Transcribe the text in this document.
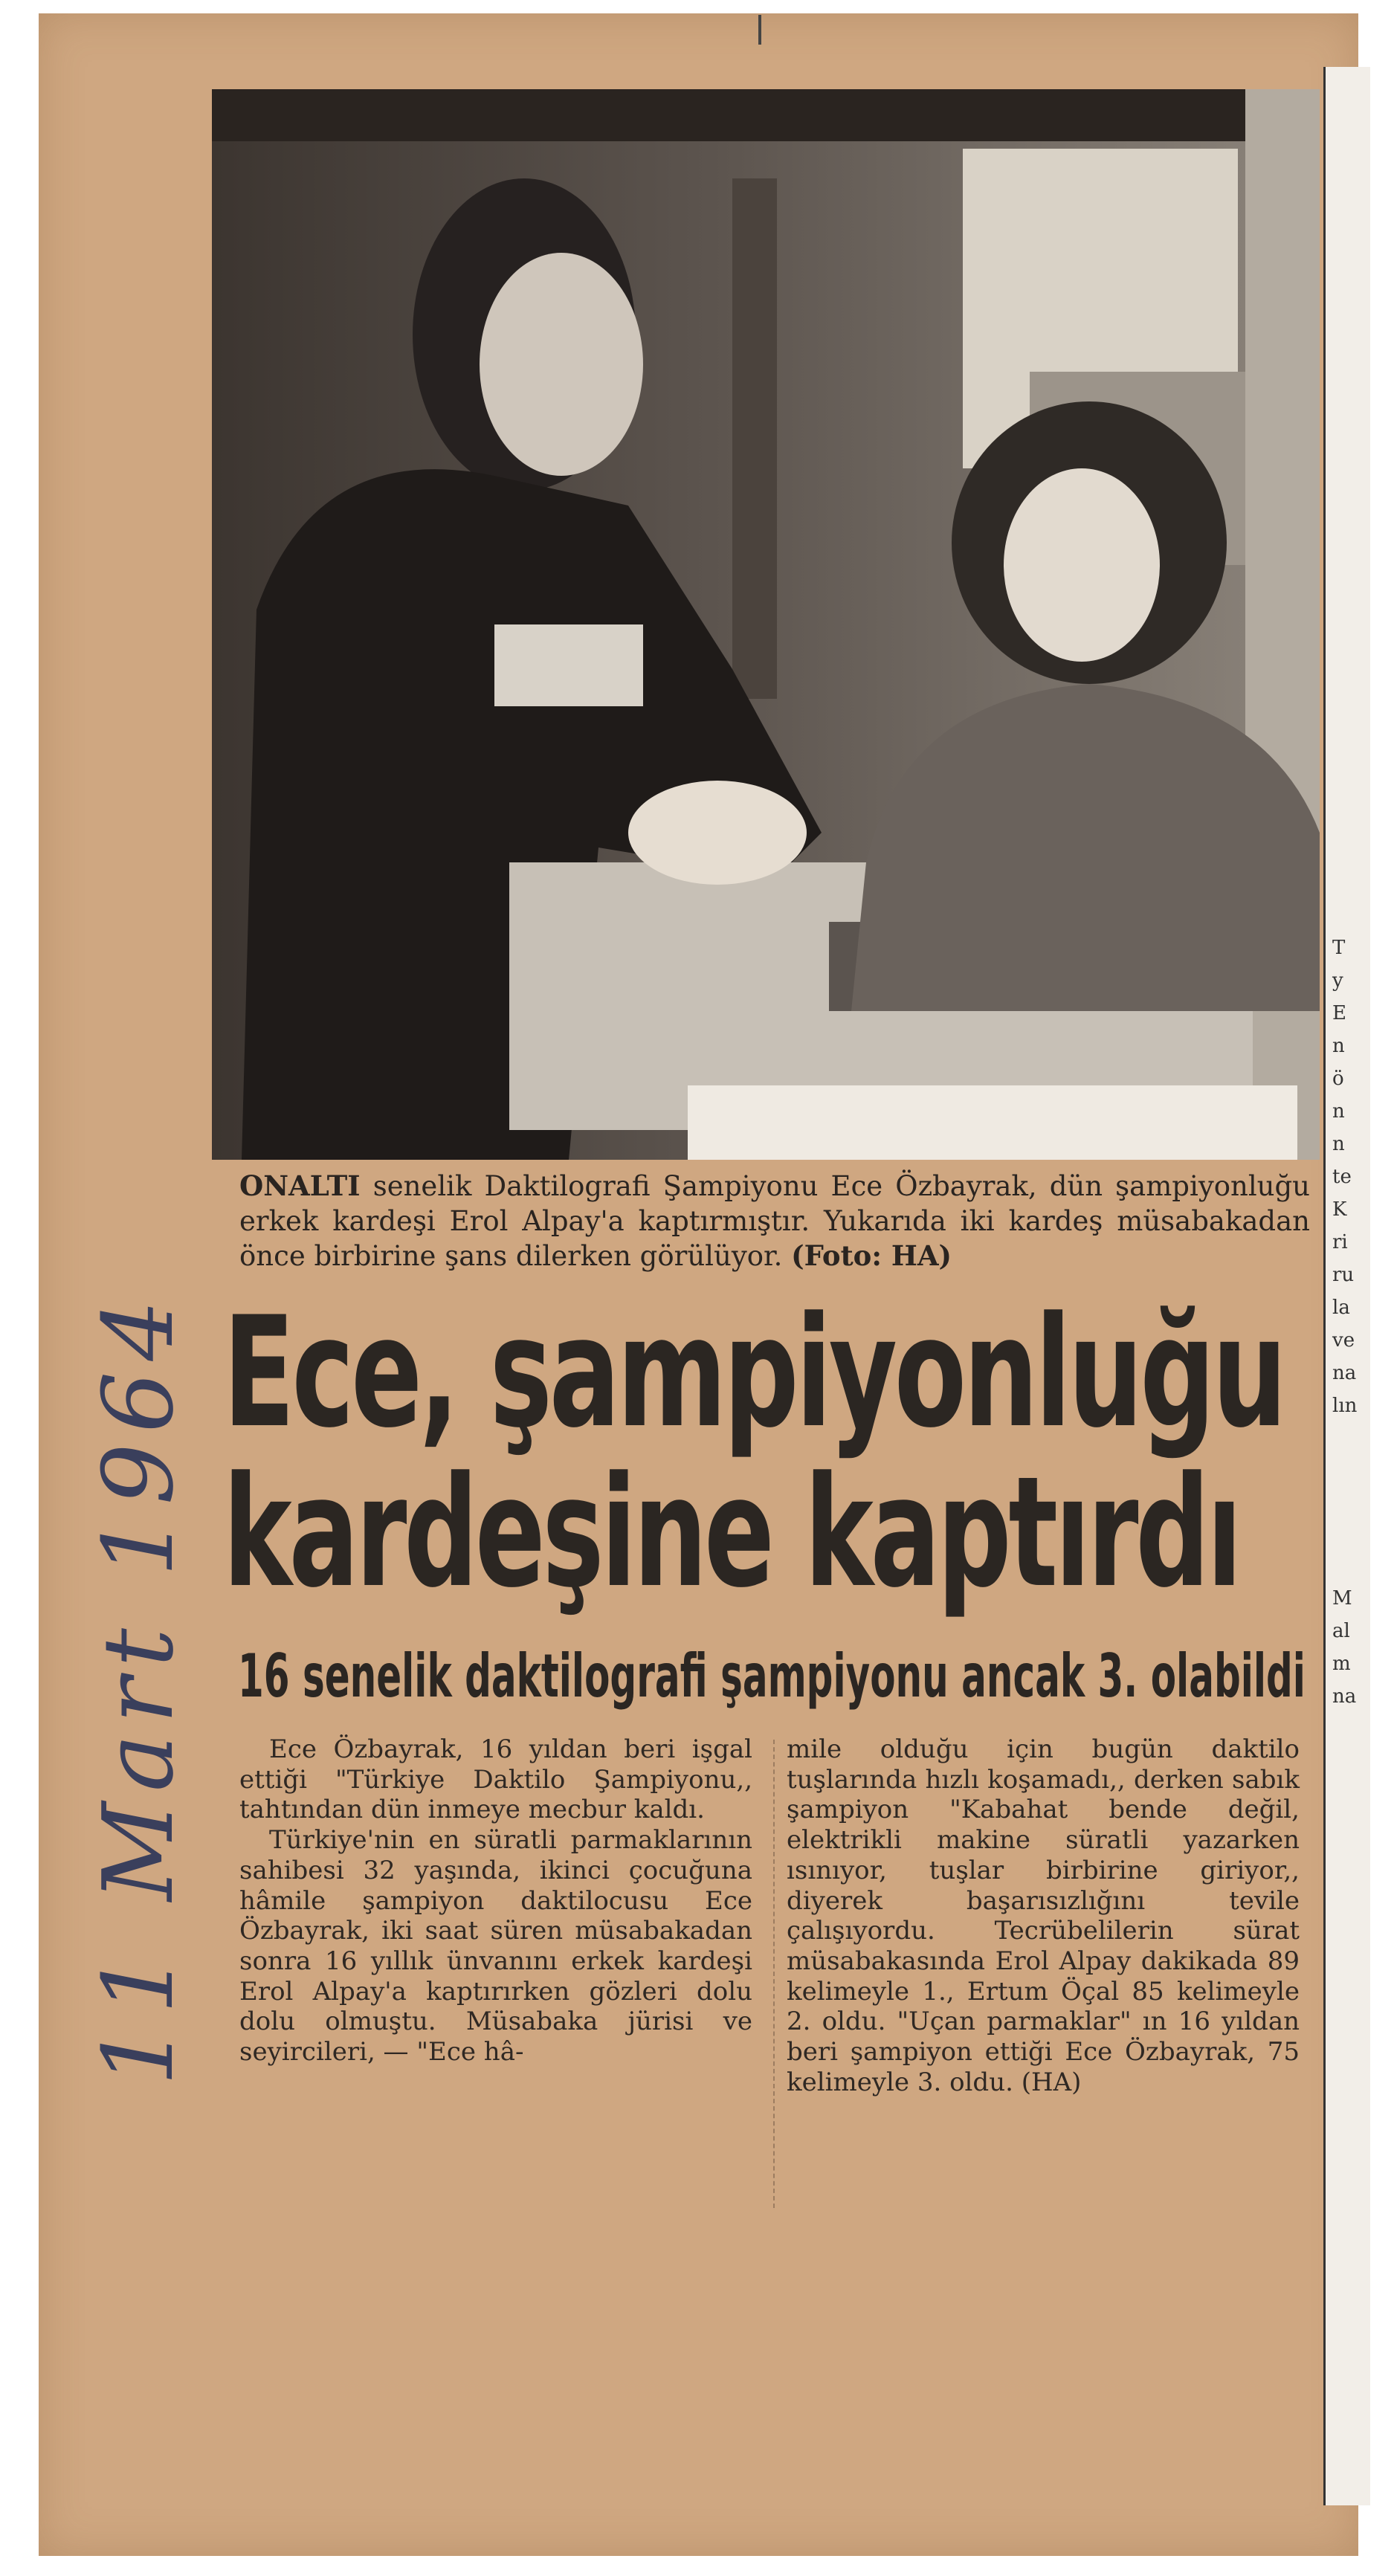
T
y
E
n
ö
n
n
te
K
ri
ru
la
ve
na
lın
M
al
m
na
ONALTI senelik Daktilografi Şampiyonu Ece Özbayrak, dün şampiyonluğu erkek kardeşi Erol Alpay'a kaptırmıştır. Yukarıda iki kardeş müsabakadan önce birbirine şans dilerken görülüyor. (Foto: HA)
Ece, şampiyonluğu
kardeşine kaptırdı
16 senelik daktilografi şampiyonu ancak 3. olabildi

Ece Özbayrak, 16 yıldan beri işgal ettiği "Türkiye Daktilo Şampiyonu,, tahtından dün inmeye mecbur kaldı.

Türkiye'nin en süratli parmaklarının sahibesi 32 yaşında, ikinci çocuğuna hâmile şampiyon daktilocusu Ece Özbayrak, iki saat süren müsabakadan sonra 16 yıllık ünvanını erkek kardeşi Erol Alpay'a kaptırırken gözleri dolu dolu olmuştu. Müsabaka jürisi ve seyircileri, — "Ece hâ-

mile olduğu için bugün daktilo tuşlarında hızlı koşamadı,, derken sabık şampiyon "Kabahat bende değil, elektrikli makine süratli yazarken ısınıyor, tuşlar birbirine giriyor,, diyerek başarısızlığını tevile çalışıyordu. Tecrübelilerin sürat müsabakasında Erol Alpay dakikada 89 kelimeyle 1., Ertum Öçal 85 kelimeyle 2. oldu. "Uçan parmaklar" ın 16 yıldan beri şampiyon ettiği Ece Özbayrak, 75 kelimeyle 3. oldu. (HA)

11 Mart 1964
